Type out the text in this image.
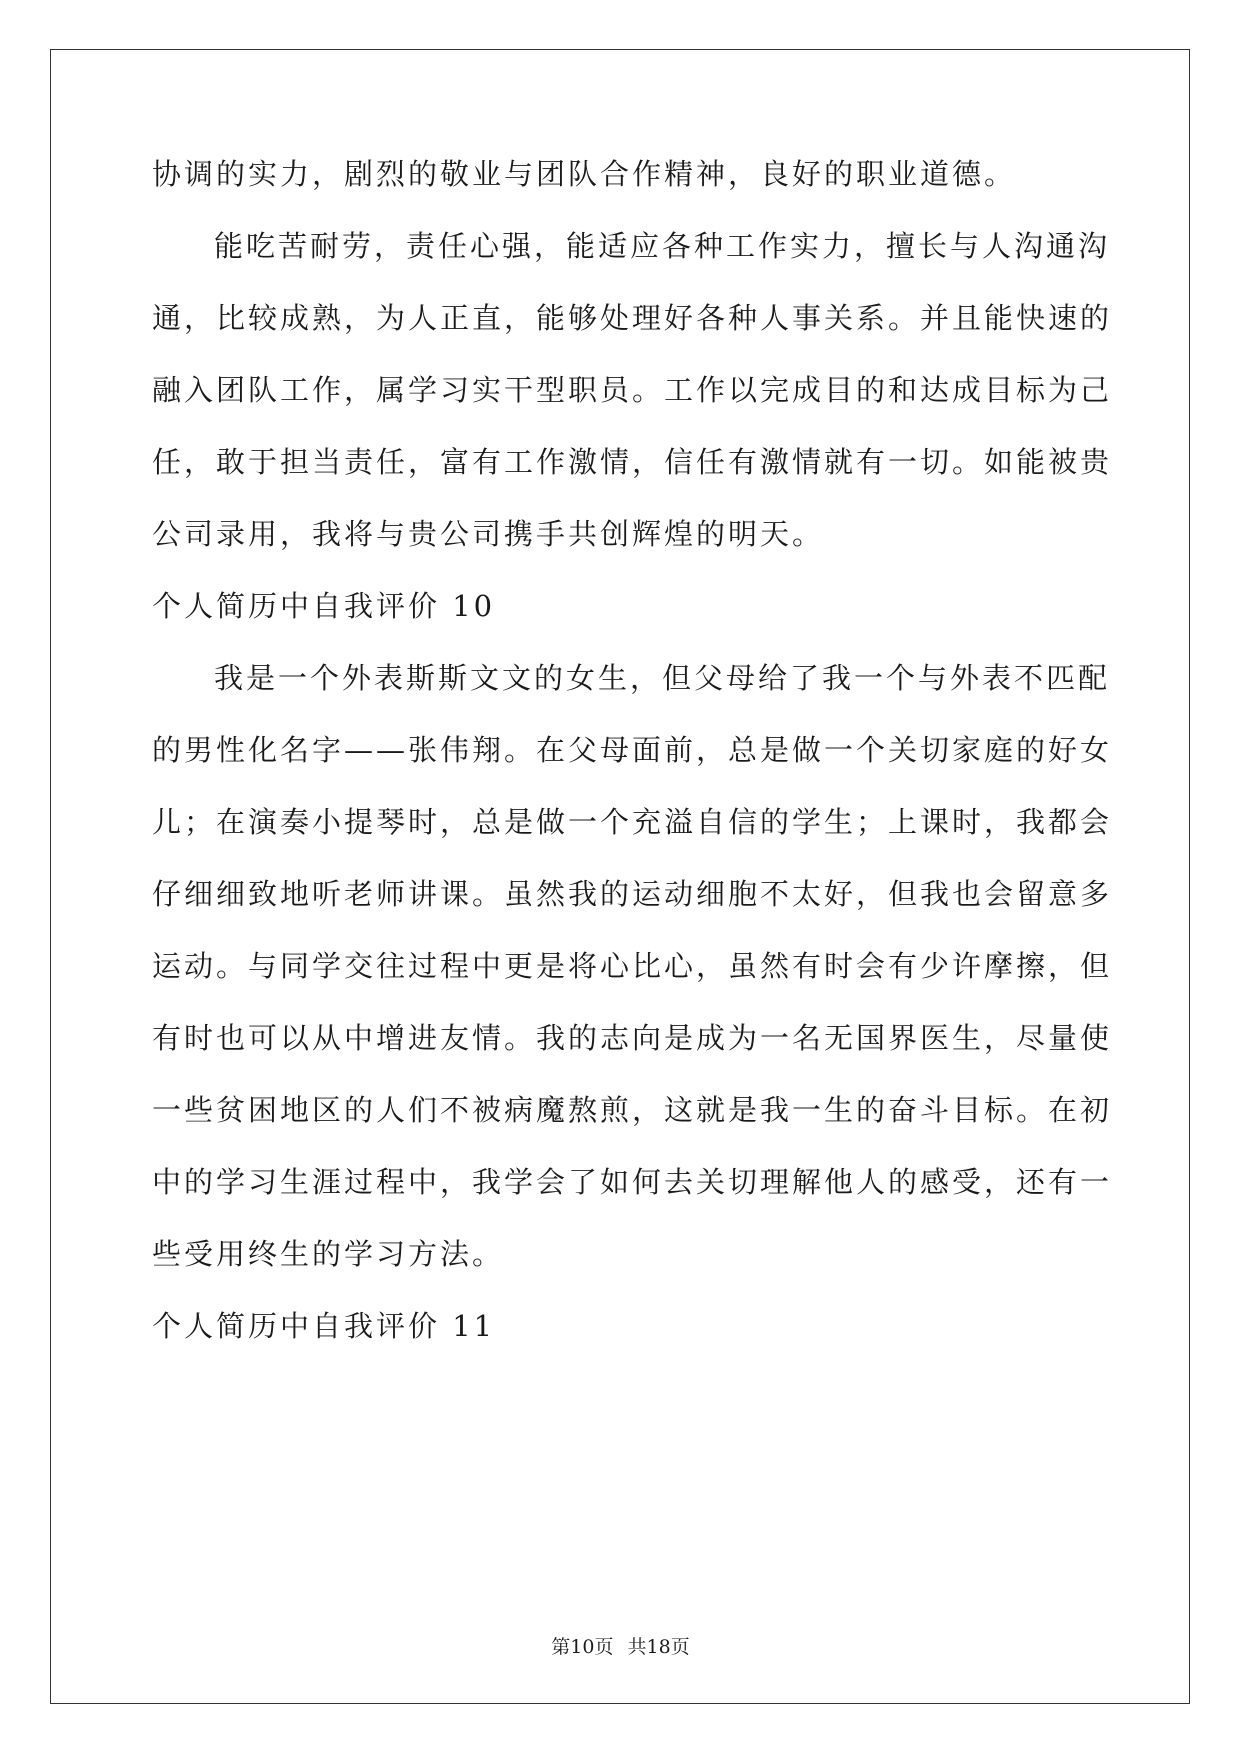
协调的实力，剧烈的敬业与团队合作精神，良好的职业道德。
能吃苦耐劳，责任心强，能适应各种工作实力，擅长与人沟通沟
通，比较成熟，为人正直，能够处理好各种人事关系。并且能快速的
融入团队工作，属学习实干型职员。工作以完成目的和达成目标为己
任，敢于担当责任，富有工作激情，信任有激情就有一切。如能被贵
公司录用，我将与贵公司携手共创辉煌的明天。
个人简历中自我评价 10
我是一个外表斯斯文文的女生，但父母给了我一个与外表不匹配
的男性化名字——张伟翔。在父母面前，总是做一个关切家庭的好女
儿；在演奏小提琴时，总是做一个充溢自信的学生；上课时，我都会
仔细细致地听老师讲课。虽然我的运动细胞不太好，但我也会留意多
运动。与同学交往过程中更是将心比心，虽然有时会有少许摩擦，但
有时也可以从中增进友情。我的志向是成为一名无国界医生，尽量使
一些贫困地区的人们不被病魔熬煎，这就是我一生的奋斗目标。在初
中的学习生涯过程中，我学会了如何去关切理解他人的感受，还有一
些受用终生的学习方法。
个人简历中自我评价 11
第10页 共18页
